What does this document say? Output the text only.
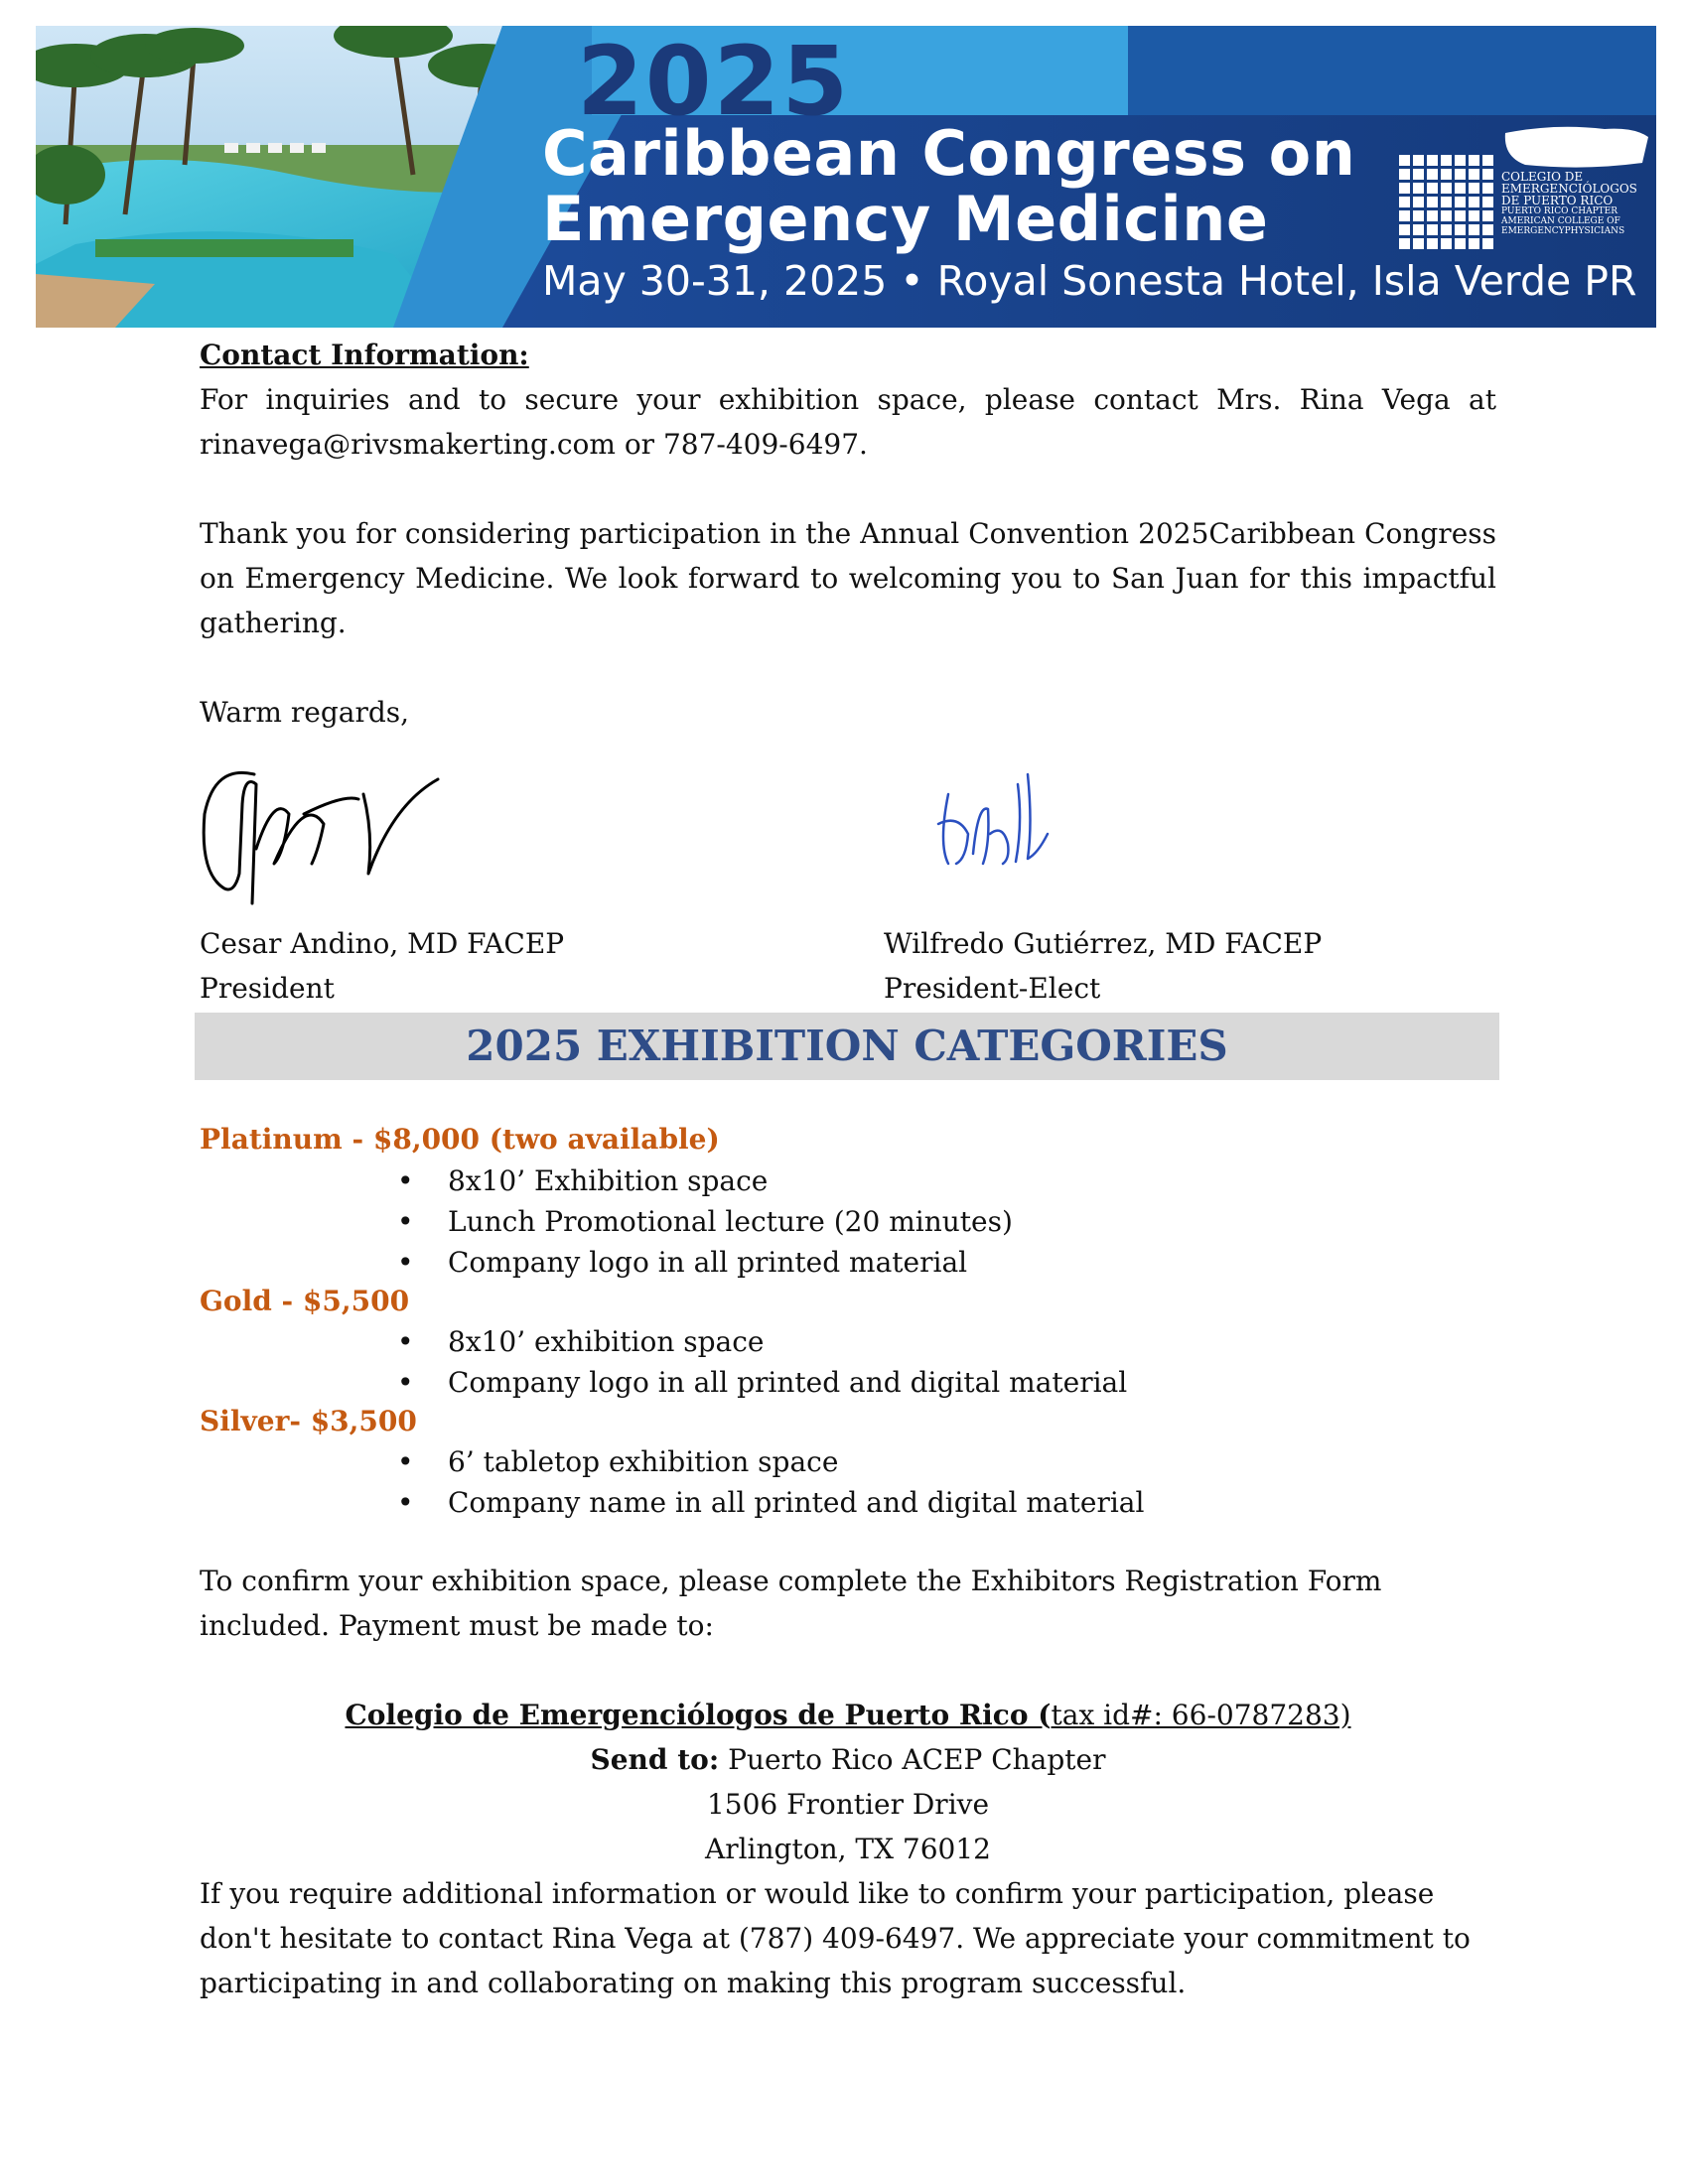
2025
Caribbean Congress on
Emergency Medicine
May 30-31, 2025 • Royal Sonesta Hotel, Isla Verde PR
COLEGIO DE
EMERGENCIÓLOGOS
DE PUERTO RICO
PUERTO RICO CHAPTER
AMERICAN COLLEGE OF
EMERGENCYPHYSICIANS
Contact Information:

For inquiries and to secure your exhibition space, please contact Mrs. Rina Vega at rinavega@rivsmakerting.com or 787-409-6497.

Thank you for considering participation in the Annual Convention 2025Caribbean Congress on Emergency Medicine. We look forward to welcoming you to San Juan for this impactful gathering.

Warm regards,

Cesar Andino, MD FACEP
President
Wilfredo Gutiérrez, MD FACEP
President-Elect
2025 EXHIBITION CATEGORIES
Platinum - $8,000 (two available)
• 8x10’ Exhibition space
• Lunch Promotional lecture (20 minutes)
• Company logo in all printed material
Gold - $5,500
• 8x10’ exhibition space
• Company logo in all printed and digital material
Silver- $3,500
• 6’ tabletop exhibition space
• Company name in all printed and digital material

To confirm your exhibition space, please complete the Exhibitors Registration Form included. Payment must be made to:

Colegio de Emergenciólogos de Puerto Rico (tax id#: 66-0787283)
Send to: Puerto Rico ACEP Chapter
1506 Frontier Drive
Arlington, TX 76012

If you require additional information or would like to confirm your participation, please don't hesitate to contact Rina Vega at (787) 409-6497. We appreciate your commitment to participating in and collaborating on making this program successful.
